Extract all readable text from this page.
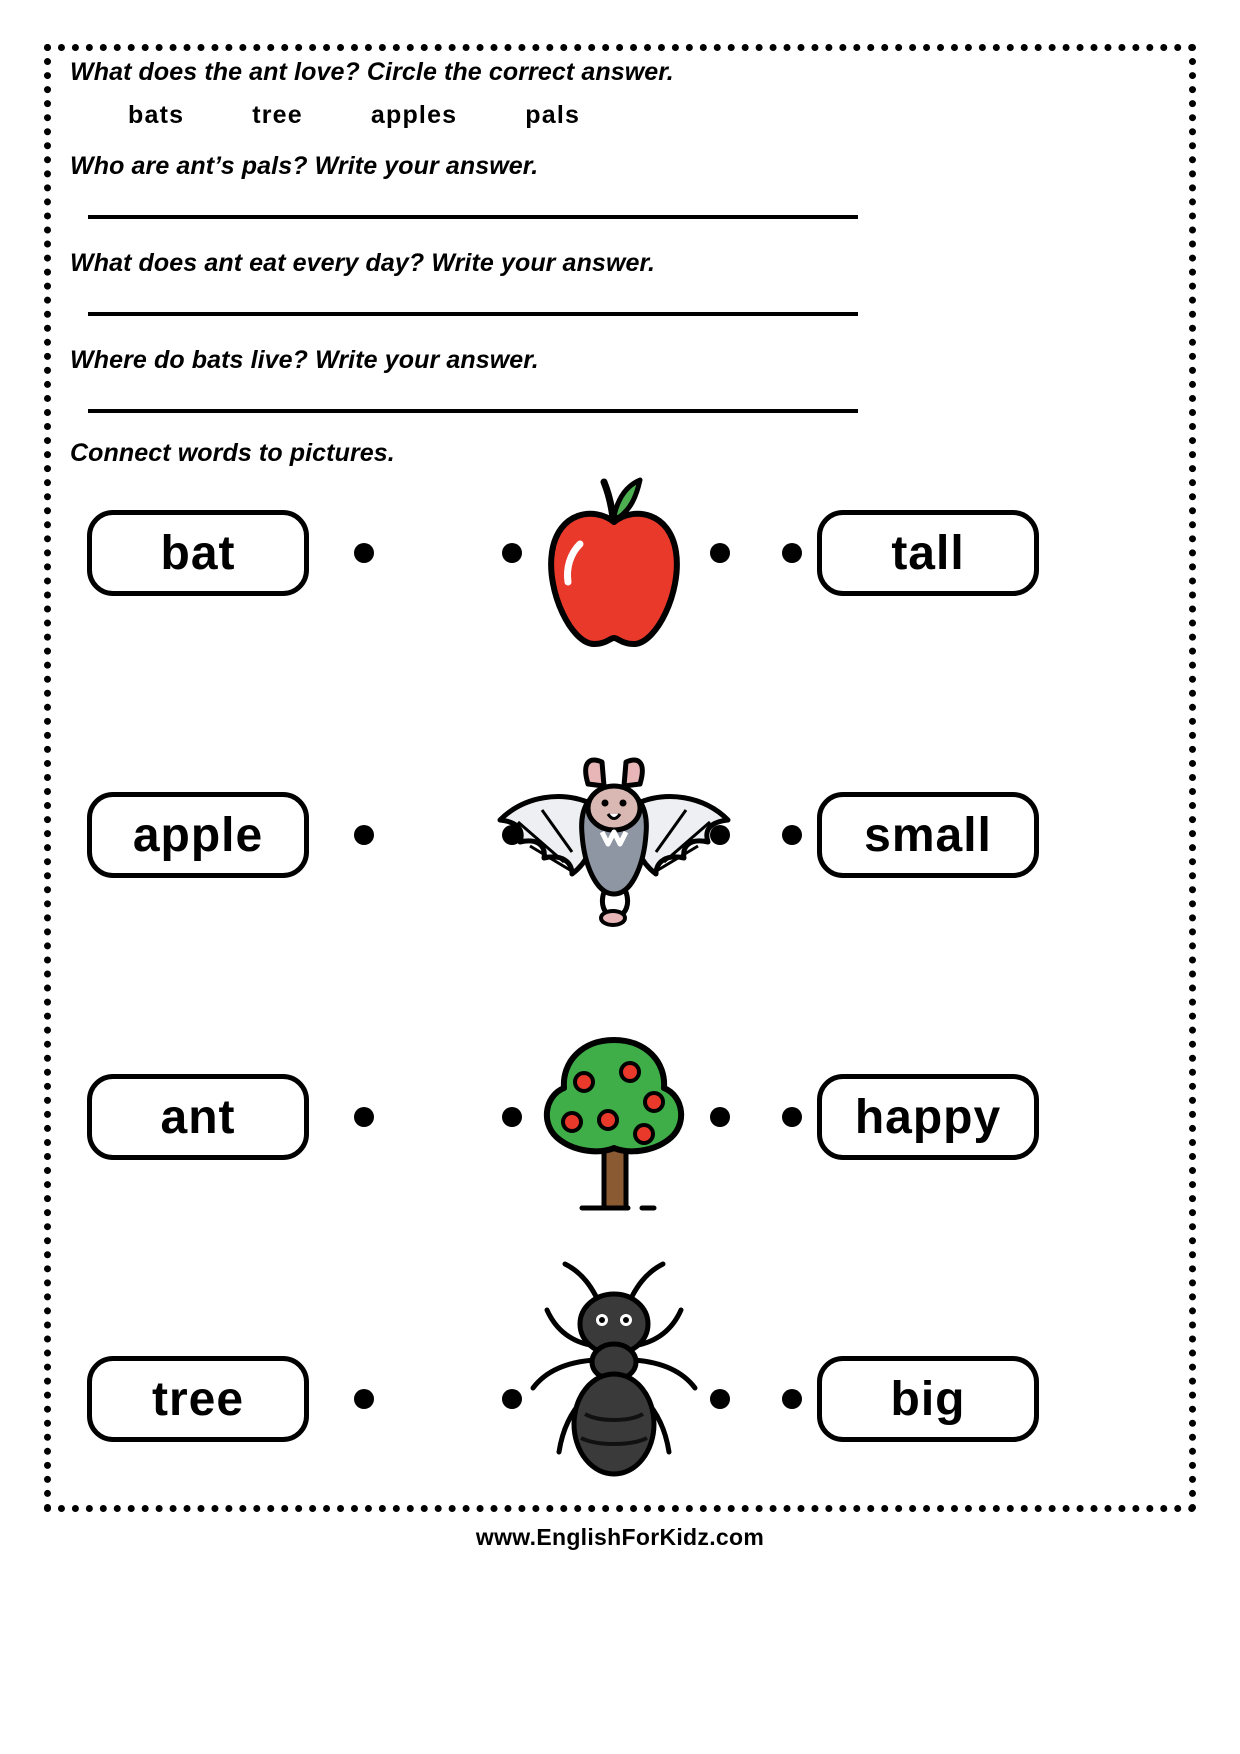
What does the ant love? Circle the correct answer.
bats	tree	apples	pals
Who are ant’s pals? Write your answer.
What does ant eat every day? Write your answer.
Where do bats live? Write your answer.
Connect words to pictures.
bat	tall
apple	small
ant	happy
tree	big
www.EnglishForKidz.com
